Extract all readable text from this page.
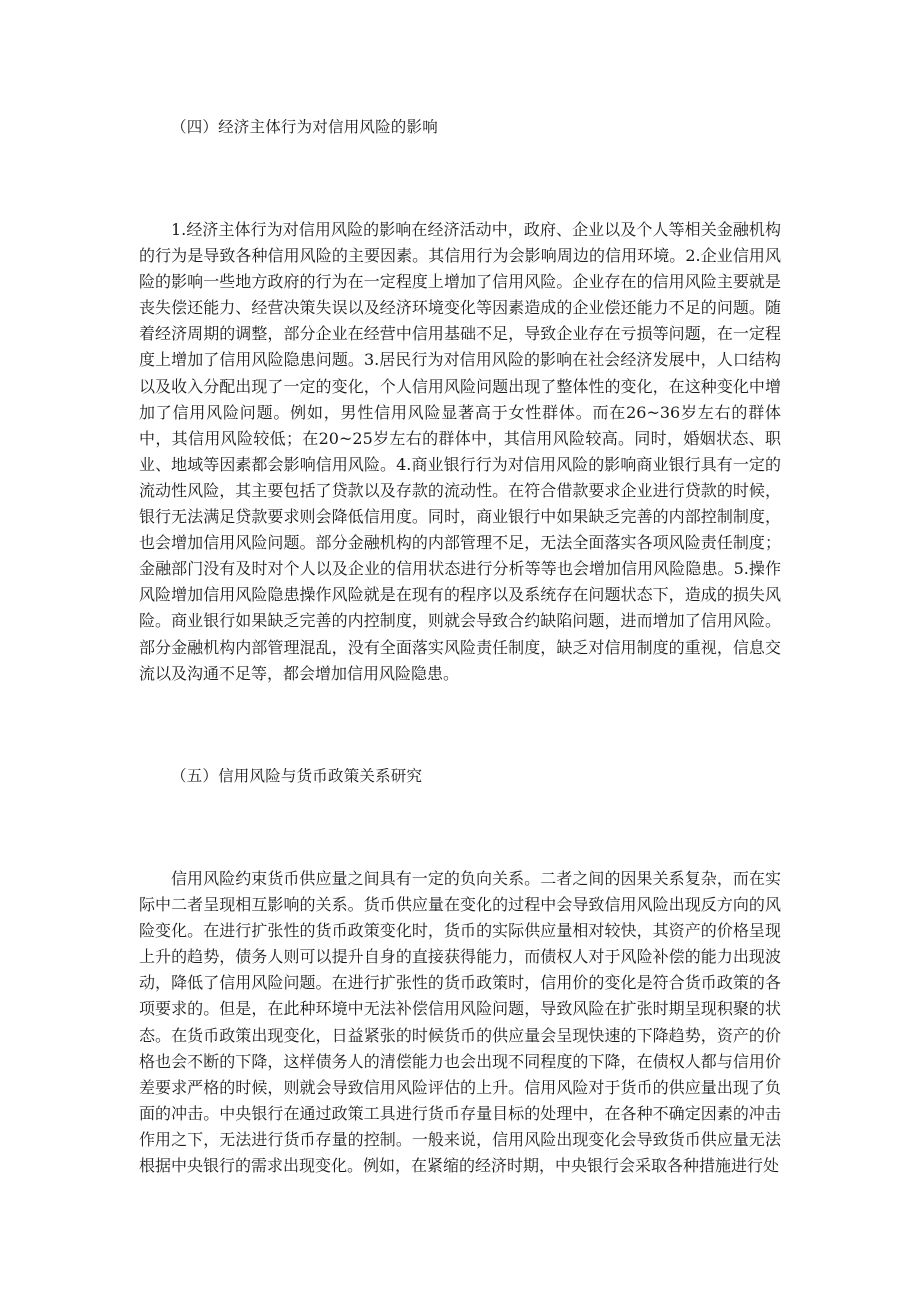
（四）经济主体行为对信用风险的影响

1.经济主体行为对信用风险的影响在经济活动中，政府、企业以及个人等相关金融机构的行为是导致各种信用风险的主要因素。其信用行为会影响周边的信用环境。2.企业信用风险的影响一些地方政府的行为在一定程度上增加了信用风险。企业存在的信用风险主要就是丧失偿还能力、经营决策失误以及经济环境变化等因素造成的企业偿还能力不足的问题。随着经济周期的调整，部分企业在经营中信用基础不足，导致企业存在亏损等问题，在一定程度上增加了信用风险隐患问题。3.居民行为对信用风险的影响在社会经济发展中，人口结构以及收入分配出现了一定的变化，个人信用风险问题出现了整体性的变化，在这种变化中增加了信用风险问题。例如，男性信用风险显著高于女性群体。而在26~36岁左右的群体中，其信用风险较低；在20~25岁左右的群体中，其信用风险较高。同时，婚姻状态、职业、地域等因素都会影响信用风险。4.商业银行行为对信用风险的影响商业银行具有一定的流动性风险，其主要包括了贷款以及存款的流动性。在符合借款要求企业进行贷款的时候，银行无法满足贷款要求则会降低信用度。同时，商业银行中如果缺乏完善的内部控制制度，也会增加信用风险问题。部分金融机构的内部管理不足，无法全面落实各项风险责任制度；金融部门没有及时对个人以及企业的信用状态进行分析等等也会增加信用风险隐患。5.操作风险增加信用风险隐患操作风险就是在现有的程序以及系统存在问题状态下，造成的损失风险。商业银行如果缺乏完善的内控制度，则就会导致合约缺陷问题，进而增加了信用风险。部分金融机构内部管理混乱，没有全面落实风险责任制度，缺乏对信用制度的重视，信息交流以及沟通不足等，都会增加信用风险隐患。

（五）信用风险与货币政策关系研究

信用风险约束货币供应量之间具有一定的负向关系。二者之间的因果关系复杂，而在实际中二者呈现相互影响的关系。货币供应量在变化的过程中会导致信用风险出现反方向的风险变化。在进行扩张性的货币政策变化时，货币的实际供应量相对较快，其资产的价格呈现上升的趋势，债务人则可以提升自身的直接获得能力，而债权人对于风险补偿的能力出现波动，降低了信用风险问题。在进行扩张性的货币政策时，信用价的变化是符合货币政策的各项要求的。但是，在此种环境中无法补偿信用风险问题，导致风险在扩张时期呈现积聚的状态。在货币政策出现变化，日益紧张的时候货币的供应量会呈现快速的下降趋势，资产的价格也会不断的下降，这样债务人的清偿能力也会出现不同程度的下降，在债权人都与信用价差要求严格的时候，则就会导致信用风险评估的上升。信用风险对于货币的供应量出现了负面的冲击。中央银行在通过政策工具进行货币存量目标的处理中，在各种不确定因素的冲击作用之下，无法进行货币存量的控制。一般来说，信用风险出现变化会导致货币供应量无法根据中央银行的需求出现变化。例如，在紧缩的经济时期，中央银行会采取各种措施进行处
